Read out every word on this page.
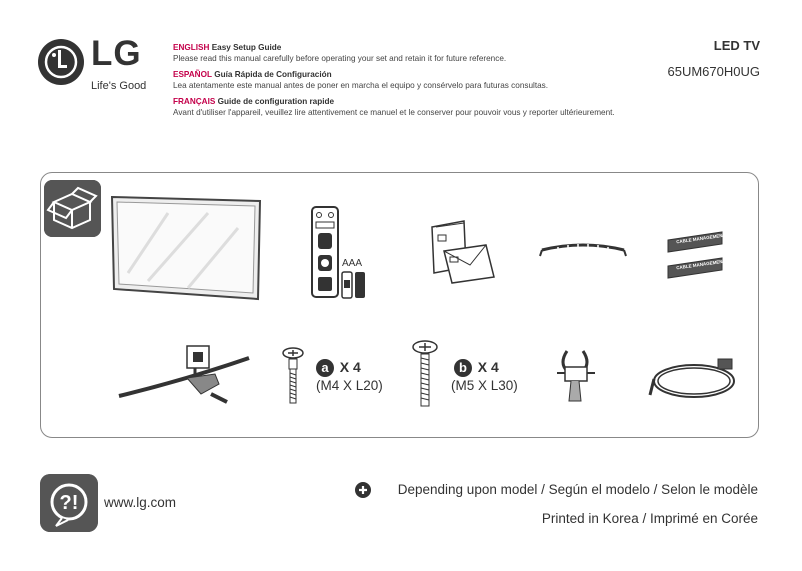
LG
Life's Good
ENGLISH Easy Setup Guide
Please read this manual carefully before operating your set and retain it for future reference.
ESPAÑOL Guía Rápida de Configuración
Lea atentamente este manual antes de poner en marcha el equipo y consérvelo para futuras consultas.
FRANÇAIS Guide de configuration rapide
Avant d'utiliser l'appareil, veuillez lire attentivement ce manuel et le conserver pour pouvoir vous y reporter ultérieurement.
LED TV
65UM670H0UG
AAA
CABLE MANAGEMENT
CABLE MANAGEMENT
a X 4
(M4 X L20)
b X 4
(M5 X L30)
?! www.lg.com
Depending upon model / Según el modelo / Selon le modèle
Printed in Korea / Imprimé en Corée
